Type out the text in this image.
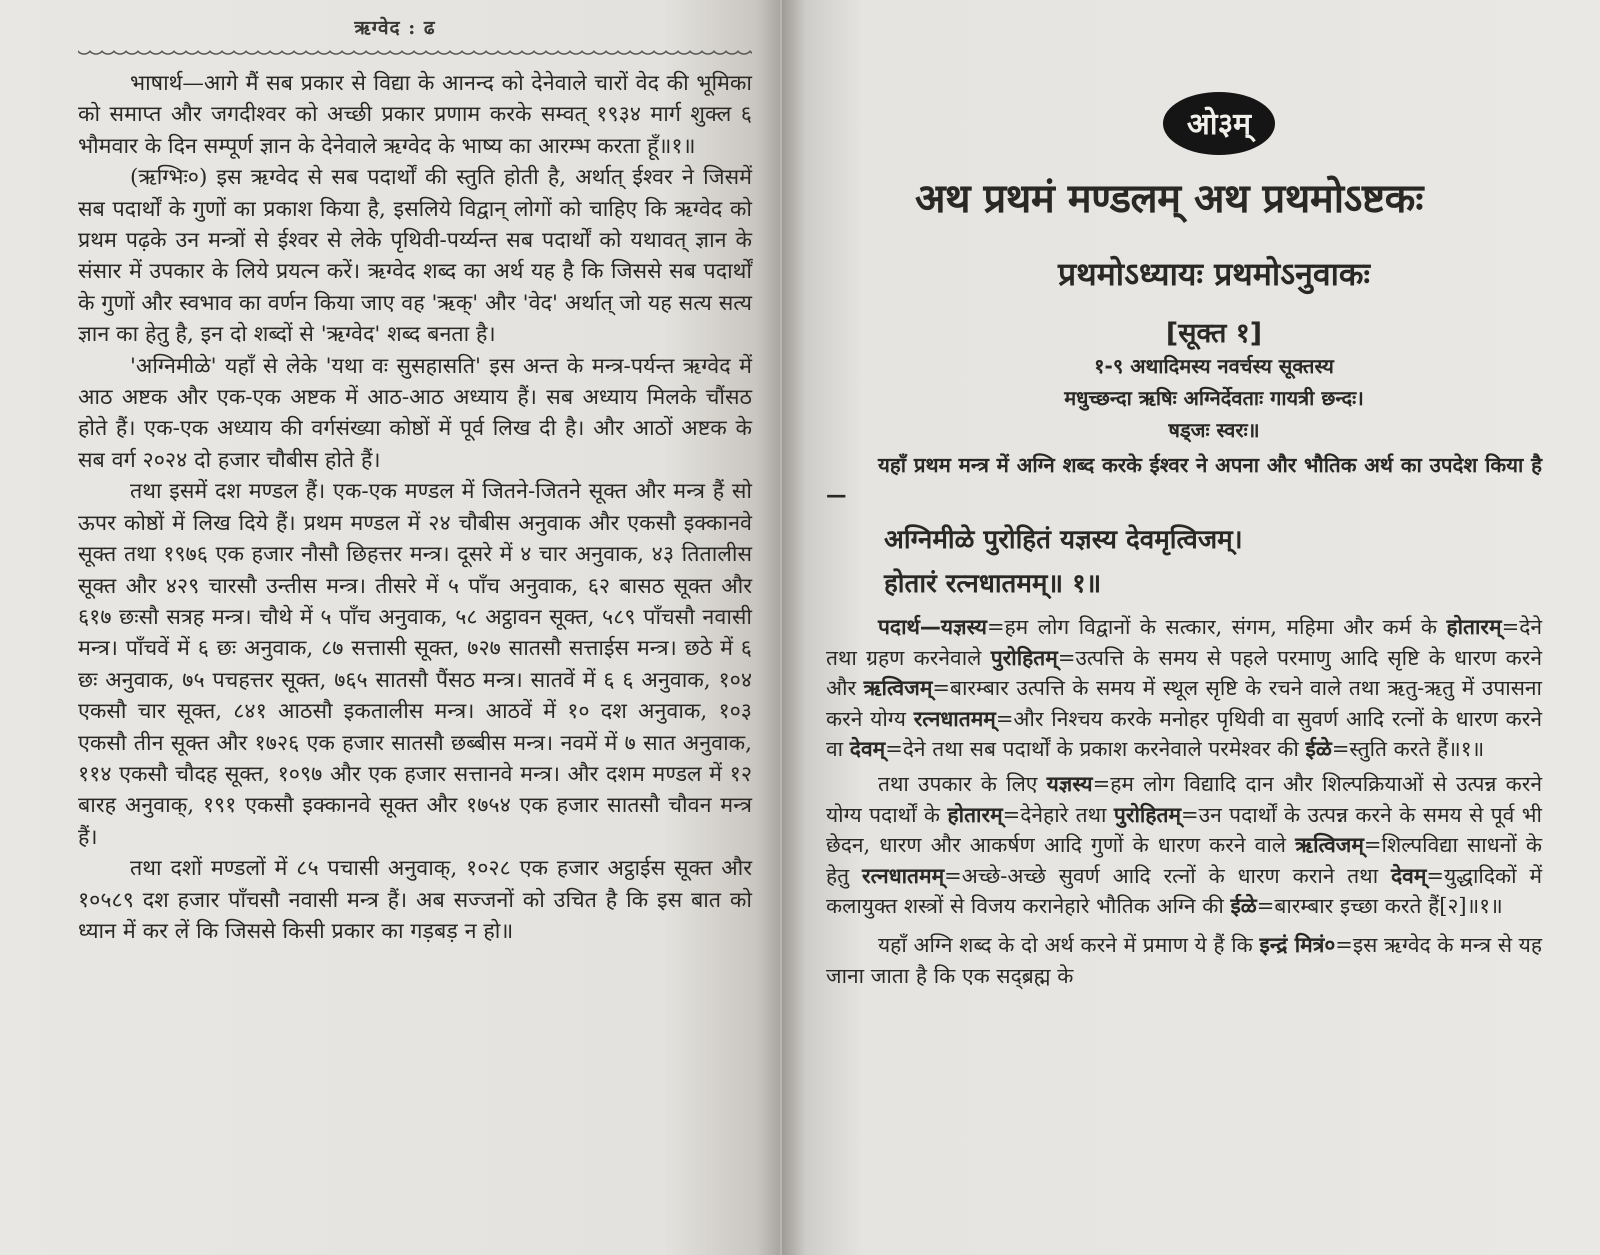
ऋग्वेद : ढ

भाषार्थ—आगे मैं सब प्रकार से विद्या के आनन्द को देनेवाले चारों वेद की भूमिका को समाप्त और जगदीश्वर को अच्छी प्रकार प्रणाम करके सम्वत् १९३४ मार्ग शुक्ल ६ भौमवार के दिन सम्पूर्ण ज्ञान के देनेवाले ऋग्वेद के भाष्य का आरम्भ करता हूँ॥१॥

(ऋग्भिः०) इस ऋग्वेद से सब पदार्थों की स्तुति होती है, अर्थात् ईश्वर ने जिसमें सब पदार्थों के गुणों का प्रकाश किया है, इसलिये विद्वान् लोगों को चाहिए कि ऋग्वेद को प्रथम पढ़के उन मन्त्रों से ईश्वर से लेके पृथिवी-पर्य्यन्त सब पदार्थों को यथावत् ज्ञान के संसार में उपकार के लिये प्रयत्न करें। ऋग्वेद शब्द का अर्थ यह है कि जिससे सब पदार्थों के गुणों और स्वभाव का वर्णन किया जाए वह 'ऋक्' और 'वेद' अर्थात् जो यह सत्य सत्य ज्ञान का हेतु है, इन दो शब्दों से 'ऋग्वेद' शब्द बनता है।

'अग्निमीळे' यहाँ से लेके 'यथा वः सुसहासति' इस अन्त के मन्त्र-पर्यन्त ऋग्वेद में आठ अष्टक और एक-एक अष्टक में आठ-आठ अध्याय हैं। सब अध्याय मिलके चौंसठ होते हैं। एक-एक अध्याय की वर्गसंख्या कोष्ठों में पूर्व लिख दी है। और आठों अष्टक के सब वर्ग २०२४ दो हजार चौबीस होते हैं।

तथा इसमें दश मण्डल हैं। एक-एक मण्डल में जितने-जितने सूक्त और मन्त्र हैं सो ऊपर कोष्ठों में लिख दिये हैं। प्रथम मण्डल में २४ चौबीस अनुवाक और एकसौ इक्कानवे सूक्त तथा १९७६ एक हजार नौसौ छिहत्तर मन्त्र। दूसरे में ४ चार अनुवाक, ४३ तितालीस सूक्त और ४२९ चारसौ उन्तीस मन्त्र। तीसरे में ५ पाँच अनुवाक, ६२ बासठ सूक्त और ६१७ छःसौ सत्रह मन्त्र। चौथे में ५ पाँच अनुवाक, ५८ अट्ठावन सूक्त, ५८९ पाँचसौ नवासी मन्त्र। पाँचवें में ६ छः अनुवाक, ८७ सत्तासी सूक्त, ७२७ सातसौ सत्ताईस मन्त्र। छठे में ६ छः अनुवाक, ७५ पचहत्तर सूक्त, ७६५ सातसौ पैंसठ मन्त्र। सातवें में ६ ६ अनुवाक, १०४ एकसौ चार सूक्त, ८४१ आठसौ इकतालीस मन्त्र। आठवें में १० दश अनुवाक, १०३ एकसौ तीन सूक्त और १७२६ एक हजार सातसौ छब्बीस मन्त्र। नवमें में ७ सात अनुवाक, ११४ एकसौ चौदह सूक्त, १०९७ और एक हजार सत्तानवे मन्त्र। और दशम मण्डल में १२ बारह अनुवाक्, १९१ एकसौ इक्कानवे सूक्त और १७५४ एक हजार सातसौ चौवन मन्त्र हैं।

तथा दशों मण्डलों में ८५ पचासी अनुवाक्, १०२८ एक हजार अट्ठाईस सूक्त और १०५८९ दश हजार पाँचसौ नवासी मन्त्र हैं। अब सज्जनों को उचित है कि इस बात को ध्यान में कर लें कि जिससे किसी प्रकार का गड़बड़ न हो॥

ओ३म्
अथ प्रथमं मण्डलम् अथ प्रथमोऽष्टकः
प्रथमोऽध्यायः प्रथमोऽनुवाकः
[सूक्त १]
१-९ अथादिमस्य नवर्चस्य सूक्तस्य
मधुच्छन्दा ऋषिः अग्निर्देवताः गायत्री छन्दः।
षड्जः स्वरः॥

यहाँ प्रथम मन्त्र में अग्नि शब्द करके ईश्वर ने अपना और भौतिक अर्थ का उपदेश किया है—

अग्निमीळे पुरोहितं यज्ञस्य देवमृत्विजम्।
होतारं रत्नधातमम्॥ १॥

पदार्थ—यज्ञस्य=हम लोग विद्वानों के सत्कार, संगम, महिमा और कर्म के होतारम्=देने तथा ग्रहण करनेवाले पुरोहितम्=उत्पत्ति के समय से पहले परमाणु आदि सृष्टि के धारण करने और ऋत्विजम्=बारम्बार उत्पत्ति के समय में स्थूल सृष्टि के रचने वाले तथा ऋतु-ऋतु में उपासना करने योग्य रत्नधातमम्=और निश्चय करके मनोहर पृथिवी वा सुवर्ण आदि रत्नों के धारण करने वा देवम्=देने तथा सब पदार्थों के प्रकाश करनेवाले परमेश्वर की ईळे=स्तुति करते हैं॥१॥

तथा उपकार के लिए यज्ञस्य=हम लोग विद्यादि दान और शिल्पक्रियाओं से उत्पन्न करने योग्य पदार्थों के होतारम्=देनेहारे तथा पुरोहितम्=उन पदार्थों के उत्पन्न करने के समय से पूर्व भी छेदन, धारण और आकर्षण आदि गुणों के धारण करने वाले ऋत्विजम्=शिल्पविद्या साधनों के हेतु रत्नधातमम्=अच्छे-अच्छे सुवर्ण आदि रत्नों के धारण कराने तथा देवम्=युद्धादिकों में कलायुक्त शस्त्रों से विजय करानेहारे भौतिक अग्नि की ईळे=बारम्बार इच्छा करते हैं[२]॥१॥

यहाँ अग्नि शब्द के दो अर्थ करने में प्रमाण ये हैं कि इन्द्रं मित्रं०=इस ऋग्वेद के मन्त्र से यह जाना जाता है कि एक सद्ब्रह्म के
